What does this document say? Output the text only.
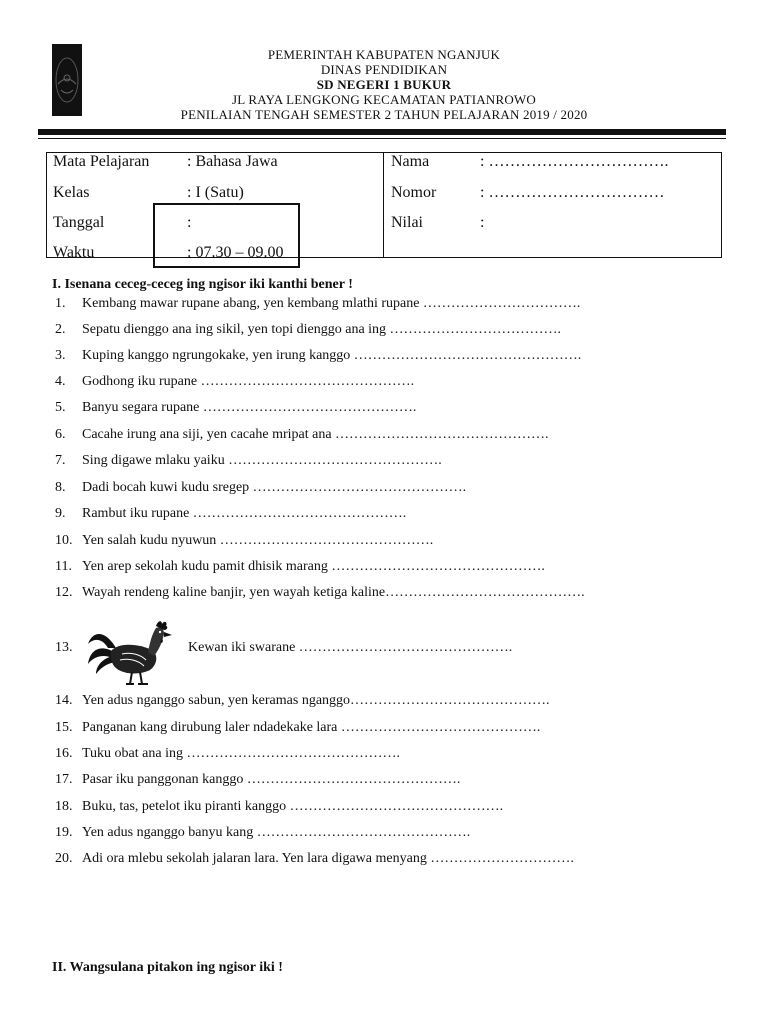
PEMERINTAH KABUPATEN NGANJUK
DINAS PENDIDIKAN
SD NEGERI 1 BUKUR
JL RAYA LENGKONG KECAMATAN PATIANROWO
PENILAIAN TENGAH SEMESTER 2 TAHUN PELAJARAN 2019 / 2020
Mata Pelajaran : Bahasa Jawa
Kelas	: I (Satu)
Tanggal	:
Waktu	: 07.30 – 09.00
Nama	: …………………………….
Nomor	: ……………………………
Nilai	:
I. Isenana ceceg-ceceg ing ngisor iki kanthi bener !
1. Kembang mawar rupane abang, yen kembang mlathi rupane …………………………….
2. Sepatu dienggo ana ing sikil, yen topi dienggo ana ing ……………………………….
3. Kuping kanggo ngrungokake, yen irung kanggo ………………………………………….
4. Godhong iku rupane ……………………………………….
5. Banyu segara rupane ……………………………………….
6. Cacahe irung ana siji, yen cacahe mripat ana ……………………………………….
7. Sing digawe mlaku yaiku ……………………………………….
8. Dadi bocah kuwi kudu sregep ……………………………………….
9. Rambut iku rupane ……………………………………….
10. Yen salah kudu nyuwun ……………………………………….
11. Yen arep sekolah kudu pamit dhisik marang ……………………………………….
12. Wayah rendeng kaline banjir, yen wayah ketiga kaline…………………………………….
13.	Kewan iki swarane ……………………………………….
14. Yen adus nganggo sabun, yen keramas nganggo…………………………………….
15. Panganan kang dirubung laler ndadekake lara …………………………………….
16. Tuku obat ana ing ……………………………………….
17. Pasar iku panggonan kanggo ……………………………………….
18. Buku, tas, petelot iku piranti kanggo ……………………………………….
19. Yen adus nganggo banyu kang ……………………………………….
20. Adi ora mlebu sekolah jalaran lara. Yen lara digawa menyang ………………………….
II. Wangsulana pitakon ing ngisor iki !
